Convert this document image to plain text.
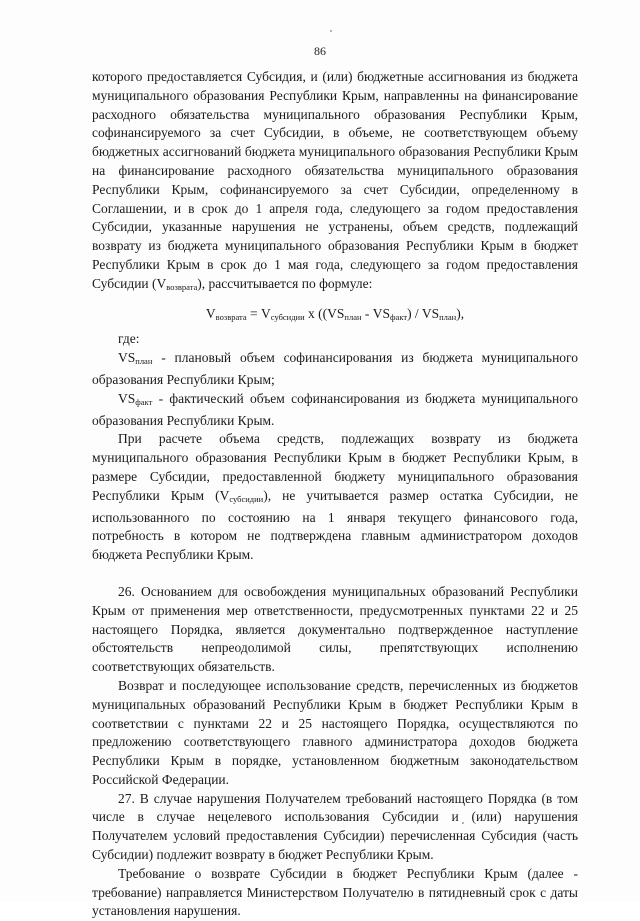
86

которого предоставляется Субсидия, и (или) бюджетные ассигнования из бюджета муниципального образования Республики Крым, направленны на финансирование расходного обязательства муниципального образования Республики Крым, софинансируемого за счет Субсидии, в объеме, не соответствующем объему бюджетных ассигнований бюджета муниципального образования Республики Крым на финансирование расходного обязательства муниципального образования Республики Крым, софинансируемого за счет Субсидии, определенному в Соглашении, и в срок до 1 апреля года, следующего за годом предоставления Субсидии, указанные нарушения не устранены, объем средств, подлежащий возврату из бюджета муниципального образования Республики Крым в бюджет Республики Крым в срок до 1 мая года, следующего за годом предоставления Субсидии $(V_{возврата})$, рассчитывается по формуле:

$V_{возврата} = V_{субсидии}$ x $((VS_{план} - VS_{факт}) / VS_{план})$,

где:

$VS_{план}$ - плановый объем софинансирования из бюджета муниципального образования Республики Крым;

$VS_{факт}$ - фактический объем софинансирования из бюджета муниципального образования Республики Крым.

При расчете объема средств, подлежащих возврату из бюджета муниципального образования Республики Крым в бюджет Республики Крым, в размере Субсидии, предоставленной бюджету муниципального образования Республики Крым $(V_{субсидии})$, не учитывается размер остатка Субсидии, не использованного по состоянию на 1 января текущего финансового года, потребность в котором не подтверждена главным администратором доходов бюджета Республики Крым.

26. Основанием для освобождения муниципальных образований Республики Крым от применения мер ответственности, предусмотренных пунктами 22 и 25 настоящего Порядка, является документально подтвержденное наступление обстоятельств непреодолимой силы, препятствующих исполнению соответствующих обязательств.

Возврат и последующее использование средств, перечисленных из бюджетов муниципальных образований Республики Крым в бюджет Республики Крым в соответствии с пунктами 22 и 25 настоящего Порядка, осуществляются по предложению соответствующего главного администратора доходов бюджета Республики Крым в порядке, установленном бюджетным законодательством Российской Федерации.

27. В случае нарушения Получателем требований настоящего Порядка (в том числе в случае нецелевого использования Субсидии и (или) нарушения Получателем условий предоставления Субсидии) перечисленная Субсидия (часть Субсидии) подлежит возврату в бюджет Республики Крым.

Требование о возврате Субсидии в бюджет Республики Крым (далее - требование) направляется Министерством Получателю в пятидневный срок с даты установления нарушения.
